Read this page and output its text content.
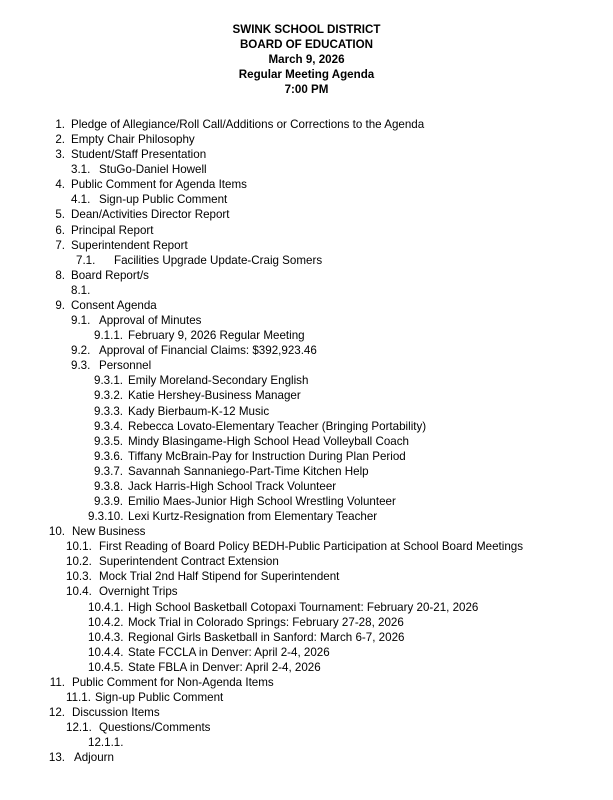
SWINK SCHOOL DISTRICT
BOARD OF EDUCATION
March 9, 2026
Regular Meeting Agenda
7:00 PM
1. Pledge of Allegiance/Roll Call/Additions or Corrections to the Agenda
2. Empty Chair Philosophy
3. Student/Staff Presentation
3.1. StuGo-Daniel Howell
4. Public Comment for Agenda Items
4.1. Sign-up Public Comment
5. Dean/Activities Director Report
6. Principal Report
7. Superintendent Report
7.1. Facilities Upgrade Update-Craig Somers
8. Board Report/s
8.1.
9. Consent Agenda
9.1. Approval of Minutes
9.1.1. February 9, 2026 Regular Meeting
9.2. Approval of Financial Claims: $392,923.46
9.3. Personnel
9.3.1. Emily Moreland-Secondary English
9.3.2. Katie Hershey-Business Manager
9.3.3. Kady Bierbaum-K-12 Music
9.3.4. Rebecca Lovato-Elementary Teacher (Bringing Portability)
9.3.5. Mindy Blasingame-High School Head Volleyball Coach
9.3.6. Tiffany McBrain-Pay for Instruction During Plan Period
9.3.7. Savannah Sannaniego-Part-Time Kitchen Help
9.3.8. Jack Harris-High School Track Volunteer
9.3.9. Emilio Maes-Junior High School Wrestling Volunteer
9.3.10. Lexi Kurtz-Resignation from Elementary Teacher
10. New Business
10.1. First Reading of Board Policy BEDH-Public Participation at School Board Meetings
10.2. Superintendent Contract Extension
10.3. Mock Trial 2nd Half Stipend for Superintendent
10.4. Overnight Trips
10.4.1. High School Basketball Cotopaxi Tournament: February 20-21, 2026
10.4.2. Mock Trial in Colorado Springs: February 27-28, 2026
10.4.3. Regional Girls Basketball in Sanford: March 6-7, 2026
10.4.4. State FCCLA in Denver: April 2-4, 2026
10.4.5. State FBLA in Denver: April 2-4, 2026
11. Public Comment for Non-Agenda Items
11.1. Sign-up Public Comment
12. Discussion Items
12.1. Questions/Comments
12.1.1.
13. Adjourn
